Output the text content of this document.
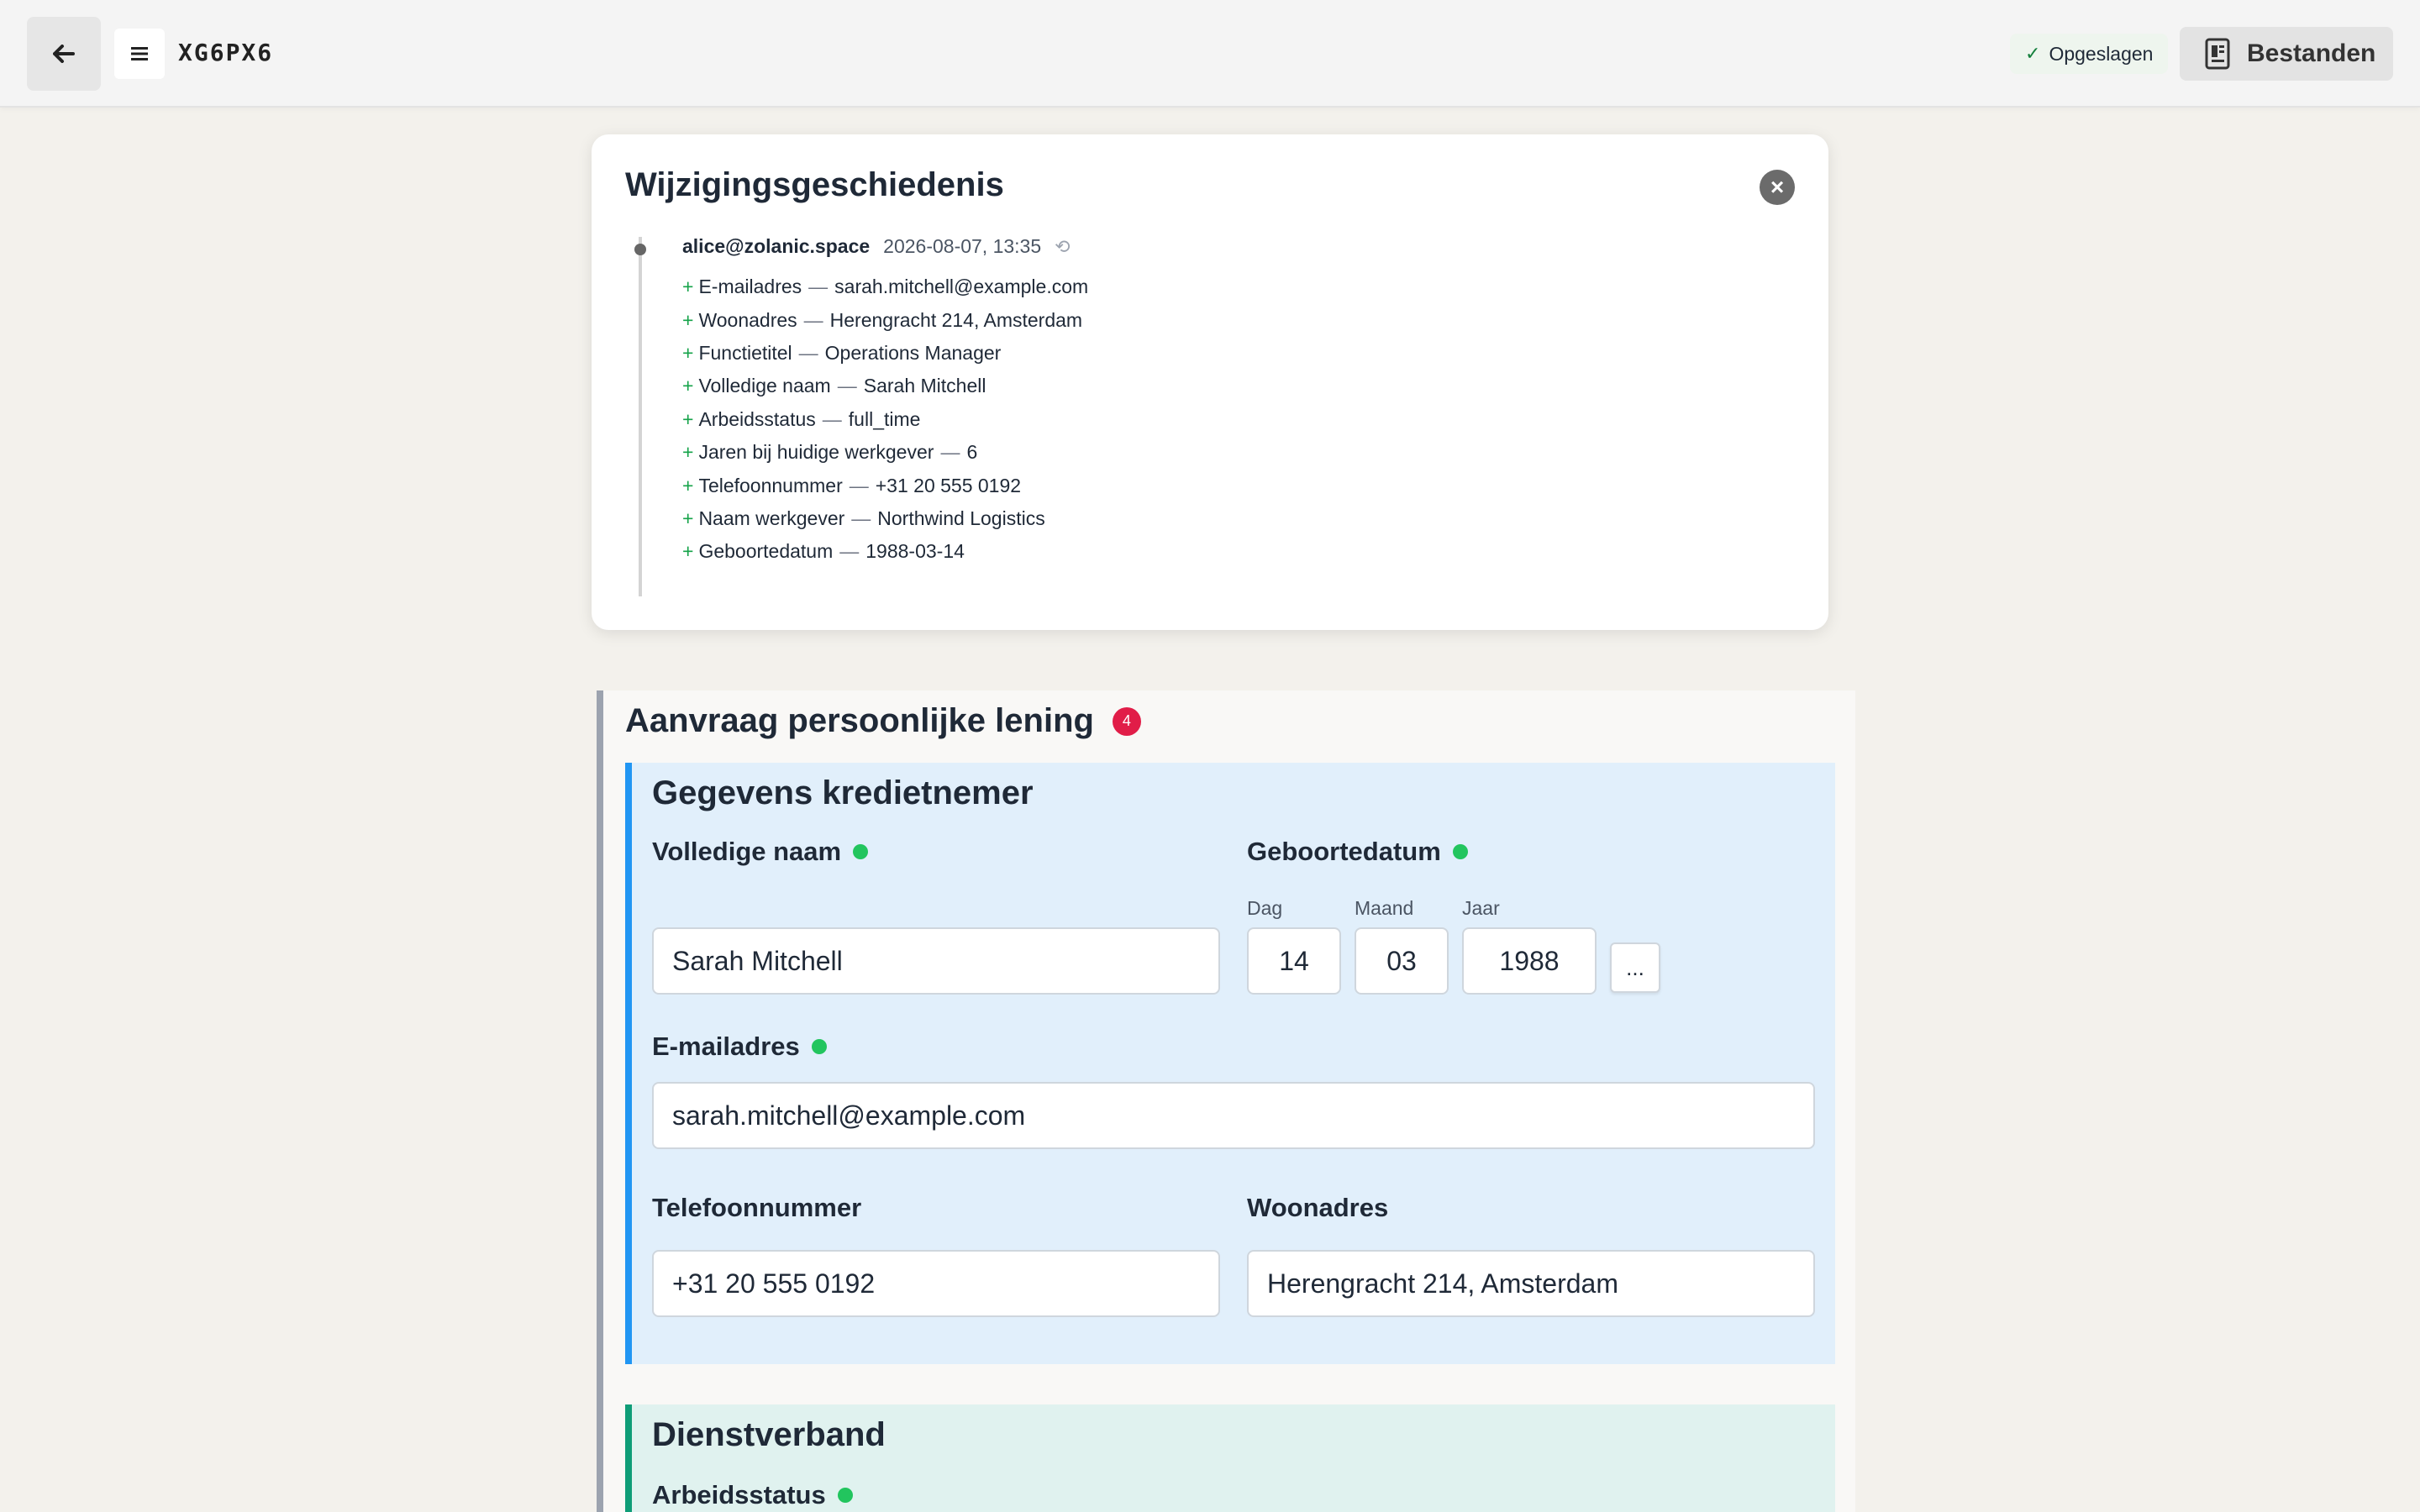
XG6PX6	✓ Opgeslagen	Bestanden
Wijzigingsgeschiedenis	×
alice@zolanic.space 2026-08-07, 13:35 ⟲
+ E-mailadres — sarah.mitchell@example.com
+ Woonadres — Herengracht 214, Amsterdam
+ Functietitel — Operations Manager
+ Volledige naam — Sarah Mitchell
+ Arbeidsstatus — full_time
+ Jaren bij huidige werkgever — 6
+ Telefoonnummer — +31 20 555 0192
+ Naam werkgever — Northwind Logistics
+ Geboortedatum — 1988-03-14
Aanvraag persoonlijke lening	4
Gegevens kredietnemer
Volledige naam
Sarah Mitchell
Geboortedatum
Dag	Maand	Jaar
14	03	1988	...
E-mailadres
sarah.mitchell@example.com
Telefoonnummer
+31 20 555 0192
Woonadres
Herengracht 214, Amsterdam
Dienstverband
Arbeidsstatus
